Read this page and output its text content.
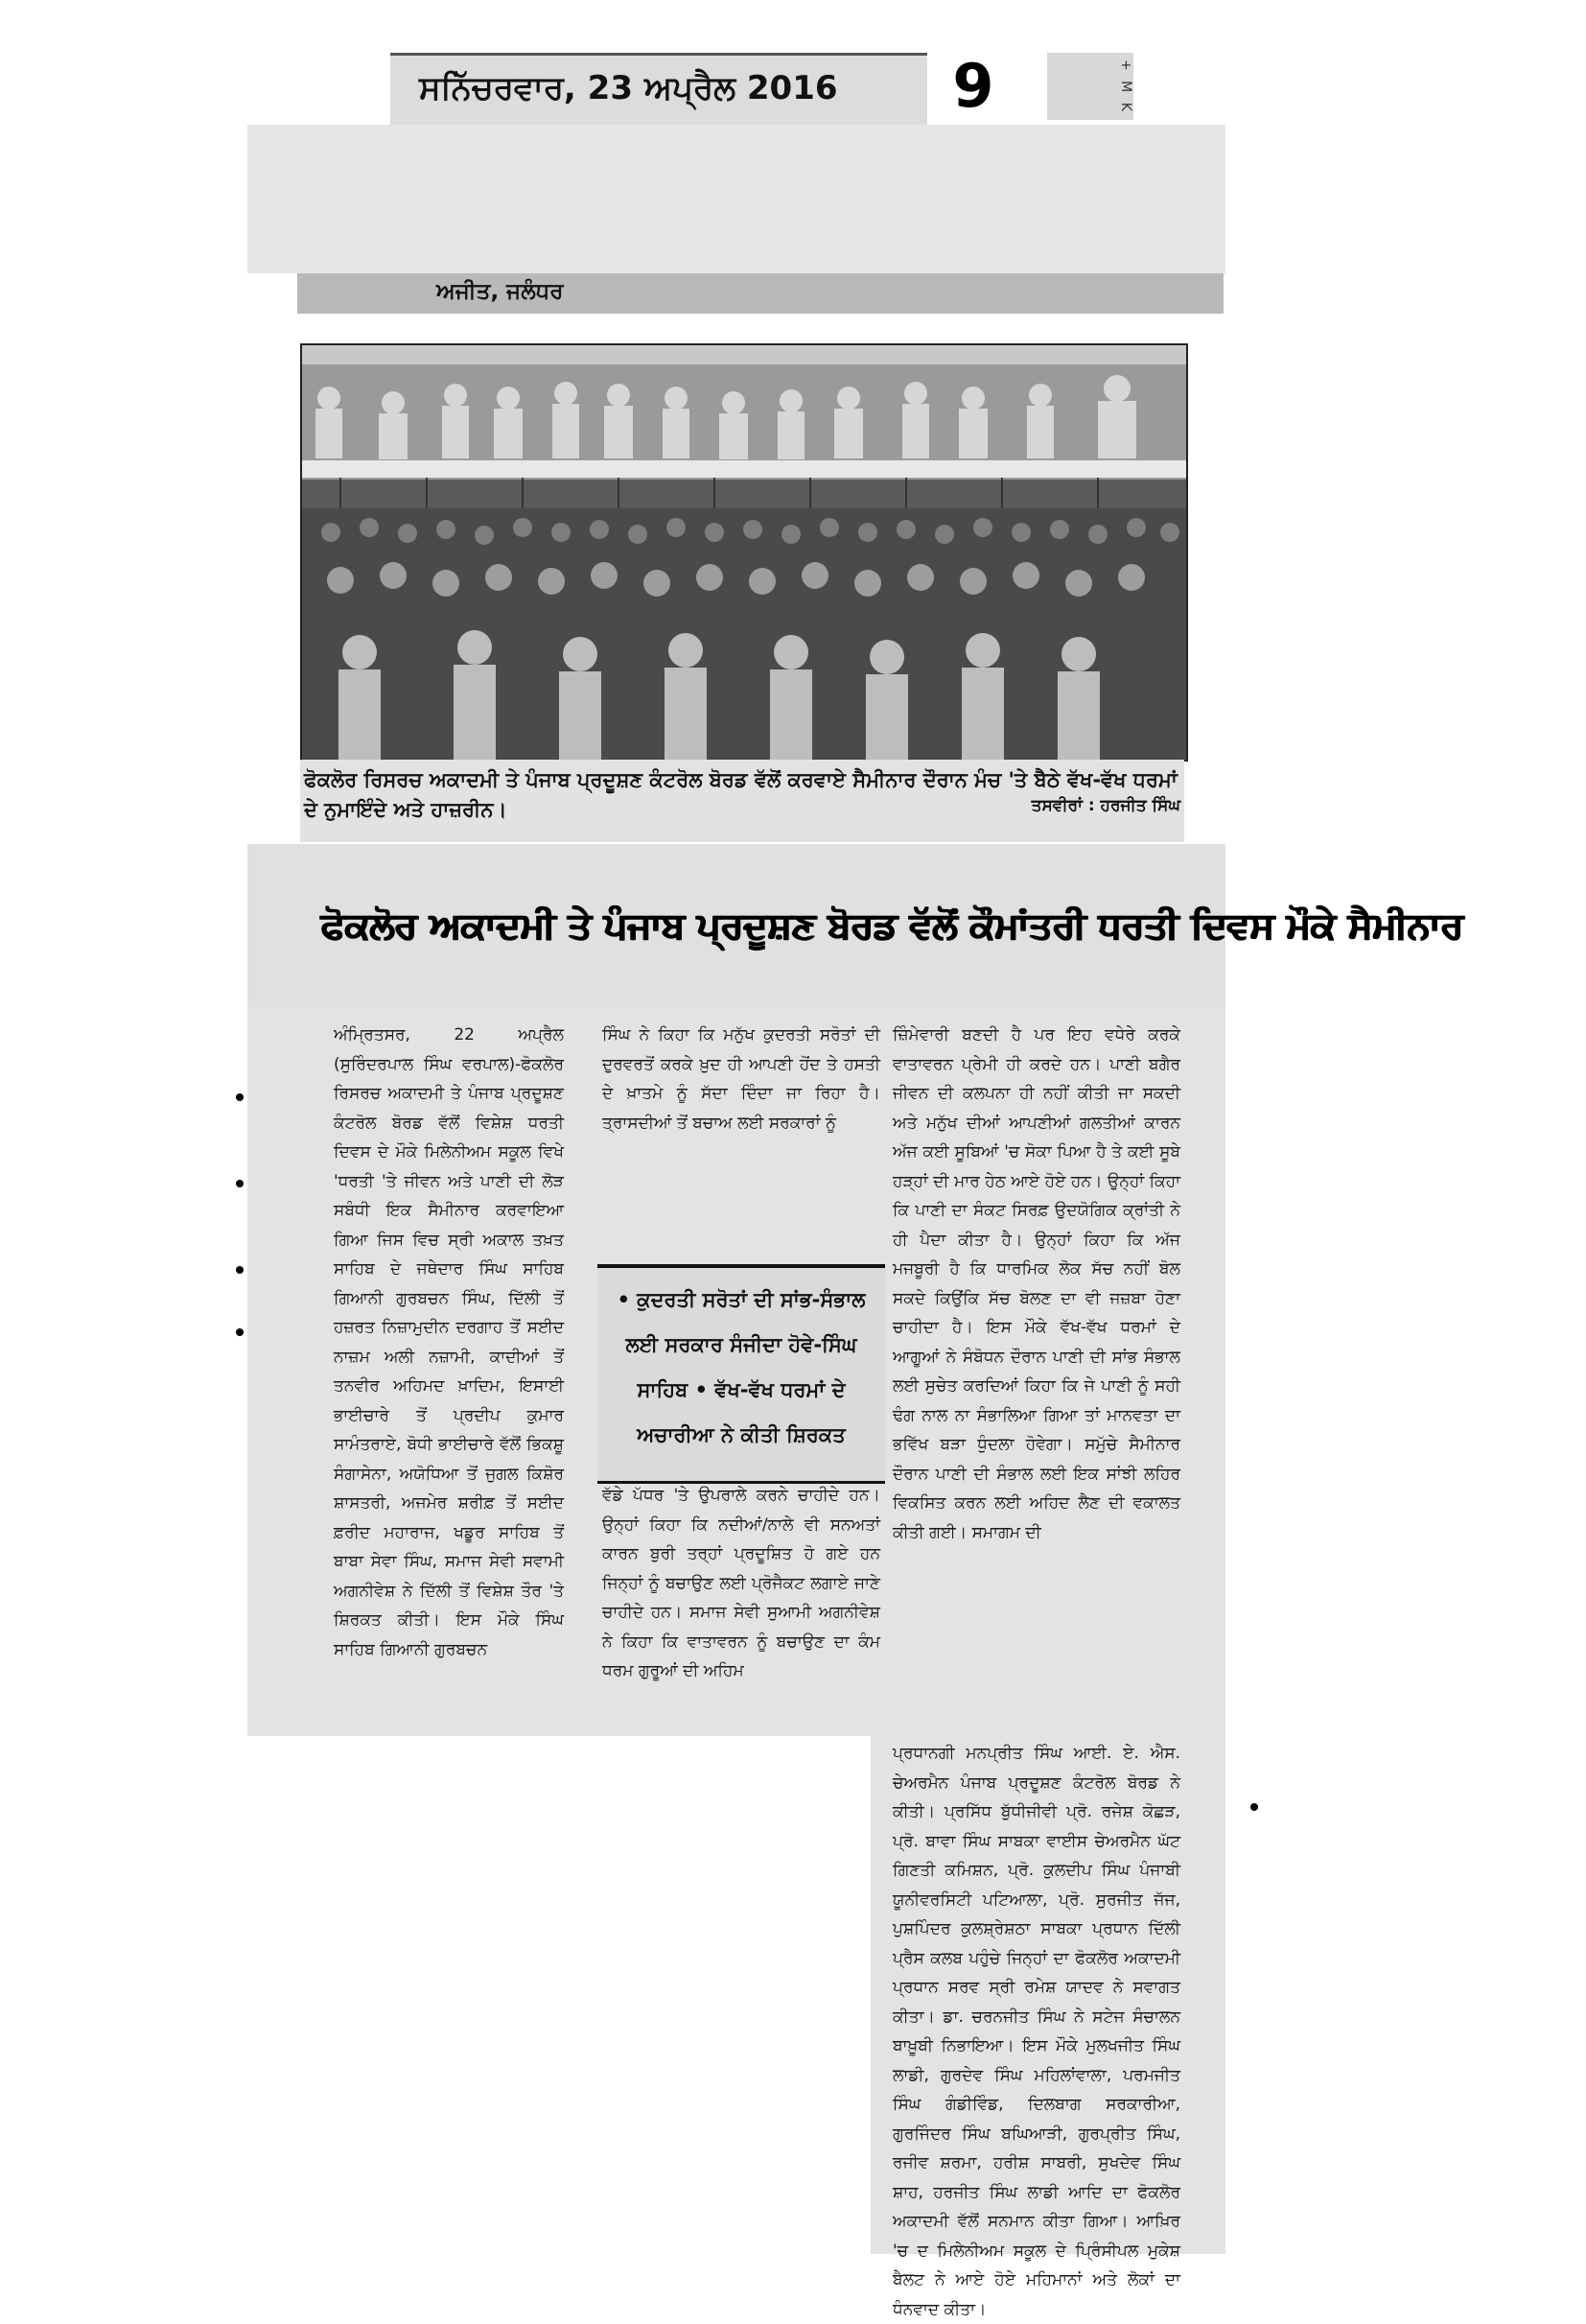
ਸਨਿੱਚਰਵਾਰ, 23 ਅਪ੍ਰੈਲ 2016 9	+ M K
ਅਜੀਤ, ਜਲੰਧਰ
ਫੋਕਲੋਰ ਰਿਸਰਚ ਅਕਾਦਮੀ ਤੇ ਪੰਜਾਬ ਪ੍ਰਦੂਸ਼ਣ ਕੰਟਰੋਲ ਬੋਰਡ ਵੱਲੋਂ ਕਰਵਾਏ ਸੈਮੀਨਾਰ ਦੌਰਾਨ ਮੰਚ 'ਤੇ ਬੈਠੇ ਵੱਖ-ਵੱਖ ਧਰਮਾਂ ਦੇ ਨੁਮਾਇੰਦੇ ਅਤੇ ਹਾਜ਼ਰੀਨ।	ਤਸਵੀਰਾਂ : ਹਰਜੀਤ ਸਿੰਘ
ਫੋਕਲੋਰ ਅਕਾਦਮੀ ਤੇ ਪੰਜਾਬ ਪ੍ਰਦੂਸ਼ਣ ਬੋਰਡ ਵੱਲੋਂ ਕੌਮਾਂਤਰੀ ਧਰਤੀ ਦਿਵਸ ਮੌਕੇ ਸੈਮੀਨਾਰ
ਅੰਮ੍ਰਿਤਸਰ, 22 ਅਪ੍ਰੈਲ (ਸੁਰਿੰਦਰਪਾਲ ਸਿੰਘ ਵਰਪਾਲ)-ਫੋਕਲੋਰ ਰਿਸਰਚ ਅਕਾਦਮੀ ਤੇ ਪੰਜਾਬ ਪ੍ਰਦੂਸ਼ਣ ਕੰਟਰੋਲ ਬੋਰਡ ਵੱਲੋਂ ਵਿਸ਼ੇਸ਼ ਧਰਤੀ ਦਿਵਸ ਦੇ ਮੌਕੇ ਮਿਲੇਨੀਅਮ ਸਕੂਲ ਵਿਖੇ 'ਧਰਤੀ 'ਤੇ ਜੀਵਨ ਅਤੇ ਪਾਣੀ ਦੀ ਲੋੜ ਸਬੰਧੀ ਇਕ ਸੈਮੀਨਾਰ ਕਰਵਾਇਆ ਗਿਆ ਜਿਸ ਵਿਚ ਸ੍ਰੀ ਅਕਾਲ ਤਖ਼ਤ ਸਾਹਿਬ ਦੇ ਜਥੇਦਾਰ ਸਿੰਘ ਸਾਹਿਬ ਗਿਆਨੀ ਗੁਰਬਚਨ ਸਿੰਘ, ਦਿੱਲੀ ਤੋਂ ਹਜ਼ਰਤ ਨਿਜ਼ਾਮੁਦੀਨ ਦਰਗਾਹ ਤੋਂ ਸਈਦ ਨਾਜ਼ਮ ਅਲੀ ਨਜ਼ਾਮੀ, ਕਾਦੀਆਂ ਤੋਂ ਤਨਵੀਰ ਅਹਿਮਦ ਖ਼ਾਦਿਮ, ਇਸਾਈ ਭਾਈਚਾਰੇ ਤੋਂ ਪ੍ਰਦੀਪ ਕੁਮਾਰ ਸਾਮੰਤਰਾਏ, ਬੋਧੀ ਭਾਈਚਾਰੇ ਵੱਲੋਂ ਭਿਕਸ਼ੂ ਸੰਗਾਸੇਨਾ, ਅਯੋਧਿਆ ਤੋਂ ਜੁਗਲ ਕਿਸ਼ੋਰ ਸ਼ਾਸਤਰੀ, ਅਜਮੇਰ ਸ਼ਰੀਫ਼ ਤੋਂ ਸਈਦ ਫ਼ਰੀਦ ਮਹਾਰਾਜ, ਖਡੂਰ ਸਾਹਿਬ ਤੋਂ ਬਾਬਾ ਸੇਵਾ ਸਿੰਘ, ਸਮਾਜ ਸੇਵੀ ਸਵਾਮੀ ਅਗਨੀਵੇਸ਼ ਨੇ ਦਿੱਲੀ ਤੋਂ ਵਿਸ਼ੇਸ਼ ਤੌਰ 'ਤੇ ਸ਼ਿਰਕਤ ਕੀਤੀ। ਇਸ ਮੌਕੇ ਸਿੰਘ ਸਾਹਿਬ ਗਿਆਨੀ ਗੁਰਬਚਨ
ਸਿੰਘ ਨੇ ਕਿਹਾ ਕਿ ਮਨੁੱਖ ਕੁਦਰਤੀ ਸਰੋਤਾਂ ਦੀ ਦੁਰਵਰਤੋਂ ਕਰਕੇ ਖ਼ੁਦ ਹੀ ਆਪਣੀ ਹੋਂਦ ਤੇ ਹਸਤੀ ਦੇ ਖ਼ਾਤਮੇ ਨੂੰ ਸੱਦਾ ਦਿੰਦਾ ਜਾ ਰਿਹਾ ਹੈ। ਤ੍ਰਾਸਦੀਆਂ ਤੋਂ ਬਚਾਅ ਲਈ ਸਰਕਾਰਾਂ ਨੂੰ
• ਕੁਦਰਤੀ ਸਰੋਤਾਂ ਦੀ ਸਾਂਭ-ਸੰਭਾਲ ਲਈ ਸਰਕਾਰ ਸੰਜੀਦਾ ਹੋਵੇ-ਸਿੰਘ ਸਾਹਿਬ • ਵੱਖ-ਵੱਖ ਧਰਮਾਂ ਦੇ ਅਚਾਰੀਆ ਨੇ ਕੀਤੀ ਸ਼ਿਰਕਤ
ਵੱਡੇ ਪੱਧਰ 'ਤੇ ਉਪਰਾਲੇ ਕਰਨੇ ਚਾਹੀਦੇ ਹਨ। ਉਨ੍ਹਾਂ ਕਿਹਾ ਕਿ ਨਦੀਆਂ/ਨਾਲੇ ਵੀ ਸਨਅਤਾਂ ਕਾਰਨ ਬੁਰੀ ਤਰ੍ਹਾਂ ਪ੍ਰਦੂਸ਼ਿਤ ਹੋ ਗਏ ਹਨ ਜਿਨ੍ਹਾਂ ਨੂੰ ਬਚਾਉਣ ਲਈ ਪ੍ਰੋਜੈਕਟ ਲਗਾਏ ਜਾਣੇ ਚਾਹੀਦੇ ਹਨ। ਸਮਾਜ ਸੇਵੀ ਸੁਆਮੀ ਅਗਨੀਵੇਸ਼ ਨੇ ਕਿਹਾ ਕਿ ਵਾਤਾਵਰਨ ਨੂੰ ਬਚਾਉਣ ਦਾ ਕੰਮ ਧਰਮ ਗੁਰੂਆਂ ਦੀ ਅਹਿਮ
ਜ਼ਿੰਮੇਵਾਰੀ ਬਣਦੀ ਹੈ ਪਰ ਇਹ ਵਧੇਰੇ ਕਰਕੇ ਵਾਤਾਵਰਨ ਪ੍ਰੇਮੀ ਹੀ ਕਰਦੇ ਹਨ। ਪਾਣੀ ਬਗੈਰ ਜੀਵਨ ਦੀ ਕਲਪਨਾ ਹੀ ਨਹੀਂ ਕੀਤੀ ਜਾ ਸਕਦੀ ਅਤੇ ਮਨੁੱਖ ਦੀਆਂ ਆਪਣੀਆਂ ਗਲਤੀਆਂ ਕਾਰਨ ਅੱਜ ਕਈ ਸੂਬਿਆਂ 'ਚ ਸੋਕਾ ਪਿਆ ਹੈ ਤੇ ਕਈ ਸੂਬੇ ਹੜ੍ਹਾਂ ਦੀ ਮਾਰ ਹੇਠ ਆਏ ਹੋਏ ਹਨ। ਉਨ੍ਹਾਂ ਕਿਹਾ ਕਿ ਪਾਣੀ ਦਾ ਸੰਕਟ ਸਿਰਫ਼ ਉਦਯੋਗਿਕ ਕ੍ਰਾਂਤੀ ਨੇ ਹੀ ਪੈਦਾ ਕੀਤਾ ਹੈ। ਉਨ੍ਹਾਂ ਕਿਹਾ ਕਿ ਅੱਜ ਮਜਬੂਰੀ ਹੈ ਕਿ ਧਾਰਮਿਕ ਲੋਕ ਸੱਚ ਨਹੀਂ ਬੋਲ ਸਕਦੇ ਕਿਉਂਕਿ ਸੱਚ ਬੋਲਣ ਦਾ ਵੀ ਜਜ਼ਬਾ ਹੋਣਾ ਚਾਹੀਦਾ ਹੈ। ਇਸ ਮੌਕੇ ਵੱਖ-ਵੱਖ ਧਰਮਾਂ ਦੇ ਆਗੂਆਂ ਨੇ ਸੰਬੋਧਨ ਦੌਰਾਨ ਪਾਣੀ ਦੀ ਸਾਂਭ ਸੰਭਾਲ ਲਈ ਸੁਚੇਤ ਕਰਦਿਆਂ ਕਿਹਾ ਕਿ ਜੇ ਪਾਣੀ ਨੂੰ ਸਹੀ ਢੰਗ ਨਾਲ ਨਾ ਸੰਭਾਲਿਆ ਗਿਆ ਤਾਂ ਮਾਨਵਤਾ ਦਾ ਭਵਿੱਖ ਬੜਾ ਧੁੰਦਲਾ ਹੋਵੇਗਾ। ਸਮੁੱਚੇ ਸੈਮੀਨਾਰ ਦੌਰਾਨ ਪਾਣੀ ਦੀ ਸੰਭਾਲ ਲਈ ਇਕ ਸਾਂਝੀ ਲਹਿਰ ਵਿਕਸਿਤ ਕਰਨ ਲਈ ਅਹਿਦ ਲੈਣ ਦੀ ਵਕਾਲਤ ਕੀਤੀ ਗਈ। ਸਮਾਗਮ ਦੀ
ਪ੍ਰਧਾਨਗੀ ਮਨਪ੍ਰੀਤ ਸਿੰਘ ਆਈ. ਏ. ਐਸ. ਚੇਅਰਮੈਨ ਪੰਜਾਬ ਪ੍ਰਦੂਸ਼ਣ ਕੰਟਰੋਲ ਬੋਰਡ ਨੇ ਕੀਤੀ। ਪ੍ਰਸਿੱਧ ਬੁੱਧੀਜੀਵੀ ਪ੍ਰੋ. ਰਜੇਸ਼ ਕੋਛੜ, ਪ੍ਰੋ. ਬਾਵਾ ਸਿੰਘ ਸਾਬਕਾ ਵਾਈਸ ਚੇਅਰਮੈਨ ਘੱਟ ਗਿਣਤੀ ਕਮਿਸ਼ਨ, ਪ੍ਰੋ. ਕੁਲਦੀਪ ਸਿੰਘ ਪੰਜਾਬੀ ਯੂਨੀਵਰਸਿਟੀ ਪਟਿਆਲਾ, ਪ੍ਰੋ. ਸੁਰਜੀਤ ਜੱਜ, ਪੁਸ਼ਪਿੰਦਰ ਕੁਲਸ਼੍ਰੇਸ਼ਠਾ ਸਾਬਕਾ ਪ੍ਰਧਾਨ ਦਿੱਲੀ ਪ੍ਰੈਸ ਕਲਬ ਪਹੁੰਚੇ ਜਿਨ੍ਹਾਂ ਦਾ ਫੋਕਲੋਰ ਅਕਾਦਮੀ ਪ੍ਰਧਾਨ ਸਰਵ ਸ੍ਰੀ ਰਮੇਸ਼ ਯਾਦਵ ਨੇ ਸਵਾਗਤ ਕੀਤਾ। ਡਾ. ਚਰਨਜੀਤ ਸਿੰਘ ਨੇ ਸਟੇਜ ਸੰਚਾਲਨ ਬਾਖ਼ੂਬੀ ਨਿਭਾਇਆ। ਇਸ ਮੌਕੇ ਮੁਲਖਜੀਤ ਸਿੰਘ ਲਾਡੀ, ਗੁਰਦੇਵ ਸਿੰਘ ਮਹਿਲਾਂਵਾਲਾ, ਪਰਮਜੀਤ ਸਿੰਘ ਗੰਡੀਵਿੰਡ, ਦਿਲਬਾਗ ਸਰਕਾਰੀਆ, ਗੁਰਜਿੰਦਰ ਸਿੰਘ ਬਘਿਆੜੀ, ਗੁਰਪ੍ਰੀਤ ਸਿੰਘ, ਰਜੀਵ ਸ਼ਰਮਾ, ਹਰੀਸ਼ ਸਾਬਰੀ, ਸੁਖਦੇਵ ਸਿੰਘ ਸ਼ਾਹ, ਹਰਜੀਤ ਸਿੰਘ ਲਾਡੀ ਆਦਿ ਦਾ ਫੋਕਲੋਰ ਅਕਾਦਮੀ ਵੱਲੋਂ ਸਨਮਾਨ ਕੀਤਾ ਗਿਆ। ਆਖ਼ਿਰ 'ਚ ਦ ਮਿਲੇਨੀਅਮ ਸਕੂਲ ਦੇ ਪ੍ਰਿੰਸੀਪਲ ਮੁਕੇਸ਼ ਬੈਲਟ ਨੇ ਆਏ ਹੋਏ ਮਹਿਮਾਨਾਂ ਅਤੇ ਲੋਕਾਂ ਦਾ ਧੰਨਵਾਦ ਕੀਤਾ।
